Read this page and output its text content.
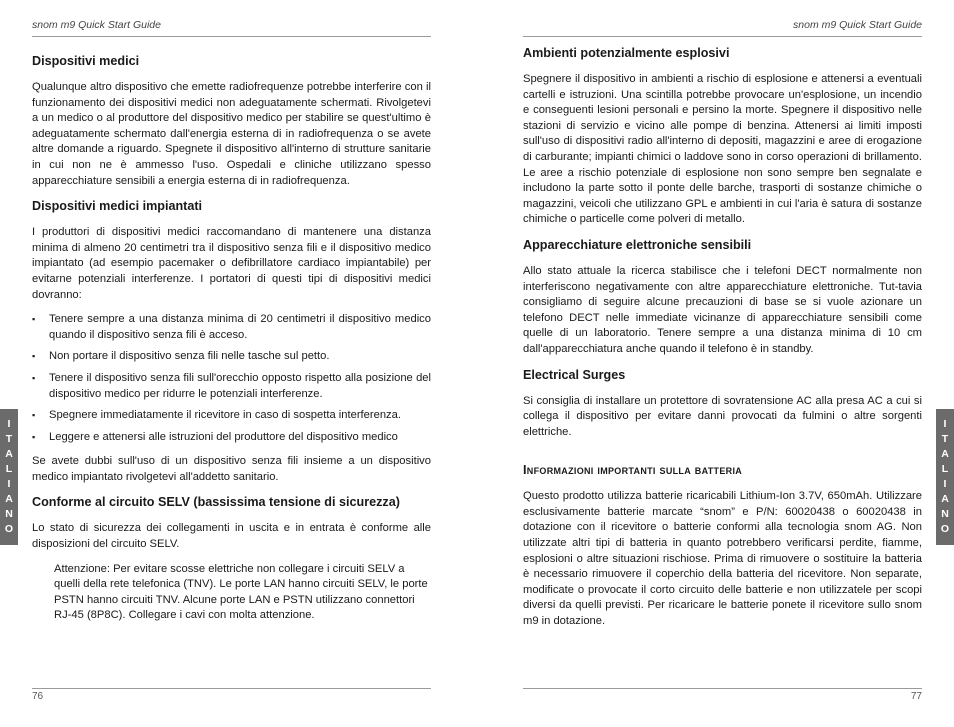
snom m9 Quick Start Guide
Dispositivi medici

Qualunque altro dispositivo che emette radiofrequenze potrebbe interferire con il funzionamento dei dispositivi medici non adeguatamente schermati. Rivolgetevi a un medico o al produttore del dispositivo medico per stabilire se quest'ultimo è adeguatamente schermato dall'energia esterna di in radiofrequenza o se avete altre domande a riguardo. Spegnete il dispositivo all'interno di strutture sanitarie in cui non ne è ammesso l'uso. Ospedali e cliniche utilizzano spesso apparecchiature sensibili a energia esterna di in radiofrequenza.

Dispositivi medici impiantati

I produttori di dispositivi medici raccomandano di mantenere una distanza minima di almeno 20 centimetri tra il dispositivo senza fili e il dispositivo medico impiantato (ad esempio pacemaker o defibrillatore cardiaco impiantabile) per evitarne potenziali interferenze. I portatori di questi tipi di dispositivi medici dovranno:

▪ Tenere sempre a una distanza minima di 20 centimetri il dispositivo medico quando il dispositivo senza fili è acceso.
▪ Non portare il dispositivo senza fili nelle tasche sul petto.
▪ Tenere il dispositivo senza fili sull'orecchio opposto rispetto alla posizione del dispositivo medico per ridurre le potenziali interferenze.
▪ Spegnere immediatamente il ricevitore in caso di sospetta interferenza.
▪ Leggere e attenersi alle istruzioni del produttore del dispositivo medico

Se avete dubbi sull'uso di un dispositivo senza fili insieme a un dispositivo medico impiantato rivolgetevi all'addetto sanitario.

Conforme al circuito SELV (bassissima tensione di sicurezza)

Lo stato di sicurezza dei collegamenti in uscita e in entrata è conforme alle disposizioni del circuito SELV.

Attenzione: Per evitare scosse elettriche non collegare i circuiti SELV a quelli della rete telefonica (TNV). Le porte LAN hanno circuiti SELV, le porte PSTN hanno circuiti TNV. Alcune porte LAN e PSTN utilizzano connettori RJ-45 (8P8C). Collegare i cavi con molta attenzione.

I
T
A
L
I
A
N
O
76
snom m9 Quick Start Guide
Ambienti potenzialmente esplosivi

Spegnere il dispositivo in ambienti a rischio di esplosione e attenersi a eventuali cartelli e istruzioni. Una scintilla potrebbe provocare un'esplosione, un incendio e conseguenti lesioni personali e persino la morte. Spegnere il dispositivo nelle stazioni di servizio e vicino alle pompe di benzina. Attenersi ai limiti imposti sull'uso di dispositivi radio all'interno di depositi, magazzini e aree di erogazione di carburante; impianti chimici o laddove sono in corso operazioni di brillamento. Le aree a rischio potenziale di esplosione non sono sempre ben segnalate e includono la parte sotto il ponte delle barche, trasporti di sostanze chimiche o magazzini, veicoli che utilizzano GPL e ambienti in cui l'aria è satura di sostanze chimiche o particelle come polveri di metallo.

Apparecchiature elettroniche sensibili

Allo stato attuale la ricerca stabilisce che i telefoni DECT normalmente non interferiscono negativamente con altre apparecchiature elettroniche. Tut-tavia consigliamo di seguire alcune precauzioni di base se si vuole azionare un telefono DECT nelle immediate vicinanze di apparecchiature sensibili come quelle di un laboratorio. Tenere sempre a una distanza minima di 10 cm dall'apparecchiatura anche quando il telefono è in standby.

Electrical Surges

Si consiglia di installare un protettore di sovratensione AC alla presa AC a cui si collega il dispositivo per evitare danni provocati da fulmini o altre sorgenti elettriche.

Informazioni importanti sulla batteria

Questo prodotto utilizza batterie ricaricabili Lithium-Ion 3.7V, 650mAh. Utilizzare esclusivamente batterie marcate “snom” e P/N: 60020438 o 60020438 in dotazione con il ricevitore o batterie conformi alla tecnologia snom AG. Non utilizzate altri tipi di batteria in quanto potrebbero verificarsi perdite, fiamme, esplosioni o altre situazioni rischiose. Prima di rimuovere o sostituire la batteria è necessario rimuovere il coperchio della batteria del ricevitore. Non separate, modificate o provocate il corto circuito delle batterie e non utilizzatele per scopi diversi da quelli previsti. Per ricaricare le batterie ponete il ricevitore sullo snom m9 in dotazione.

I
T
A
L
I
A
N
O
77
